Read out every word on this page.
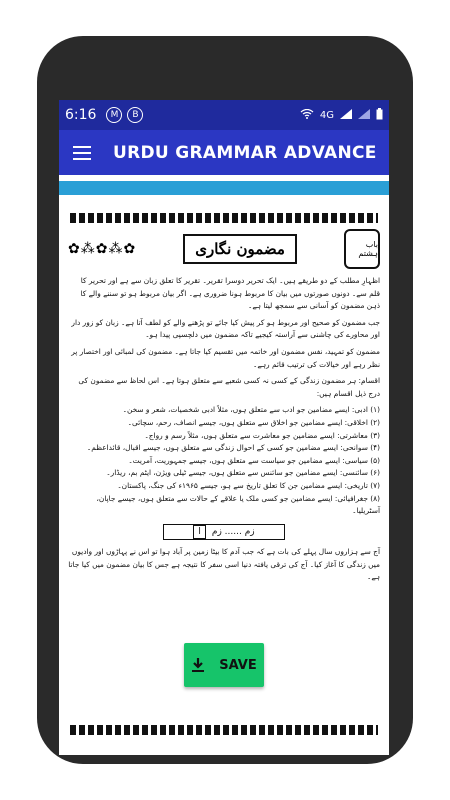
6:16	M	B	4G
URDU GRAMMAR ADVANCE
✿⁂✿⁂✿	مضمون نگاری	باب ہشتم

اظہارِ مطلب کے دو طریقے ہیں۔ ایک تحریر دوسرا تقریر۔ تقریر کا تعلق زبان سے ہے اور تحریر کا قلم سے۔ دونوں صورتوں میں بیان کا مربوط ہونا ضروری ہے۔ اگر بیان مربوط ہو تو سننے والے کا ذہن مضمون کو آسانی سے سمجھ لیتا ہے۔

جب مضمون کو صحیح اور مربوط ہو کر پیش کیا جائے تو پڑھنے والے کو لطف آتا ہے۔ زبان کو زور دار اور محاورے کی چاشنی سے آراستہ کیجیے تاکہ مضمون میں دلچسپی پیدا ہو۔

مضمون کو تمہید، نفس مضمون اور خاتمہ میں تقسیم کیا جاتا ہے۔ مضمون کی لمبائی اور اختصار پر نظر رہے اور خیالات کی ترتیب قائم رہے۔

اقسام: ہر مضمون زندگی کے کسی نہ کسی شعبے سے متعلق ہوتا ہے۔ اس لحاظ سے مضمون کی درج ذیل اقسام ہیں:

(۱) ادبی: ایسے مضامین جو ادب سے متعلق ہوں، مثلاً ادبی شخصیات، شعر و سخن۔
(۲) اخلاقی: ایسے مضامین جو اخلاق سے متعلق ہوں، جیسے انصاف، رحم، سچائی۔
(۳) معاشرتی: ایسے مضامین جو معاشرت سے متعلق ہوں، مثلاً رسم و رواج۔
(۴) سوانحی: ایسے مضامین جو کسی کے احوال زندگی سے متعلق ہوں، جیسے اقبال، قائداعظم۔
(۵) سیاسی: ایسے مضامین جو سیاست سے متعلق ہوں، جیسے جمہوریت، آمریت۔
(۶) سائنسی: ایسے مضامین جو سائنس سے متعلق ہوں، جیسے ٹیلی ویژن، ایٹم بم، ریڈار۔
(۷) تاریخی: ایسے مضامین جن کا تعلق تاریخ سے ہو، جیسے ۱۹۶۵ء کی جنگ، پاکستان۔
(۸) جغرافیائی: ایسے مضامین جو کسی ملک یا علاقے کے حالات سے متعلق ہوں، جیسے جاپان، آسٹریلیا۔
زم ...... زم
ا

آج سے ہزاروں سال پہلے کی بات ہے کہ جب آدم کا بیٹا زمین پر آباد ہوا تو اس نے پہاڑوں اور وادیوں میں زندگی کا آغاز کیا۔ آج کی ترقی یافتہ دنیا اسی سفر کا نتیجہ ہے جس کا بیان مضمون میں کیا جاتا ہے۔

SAVE
